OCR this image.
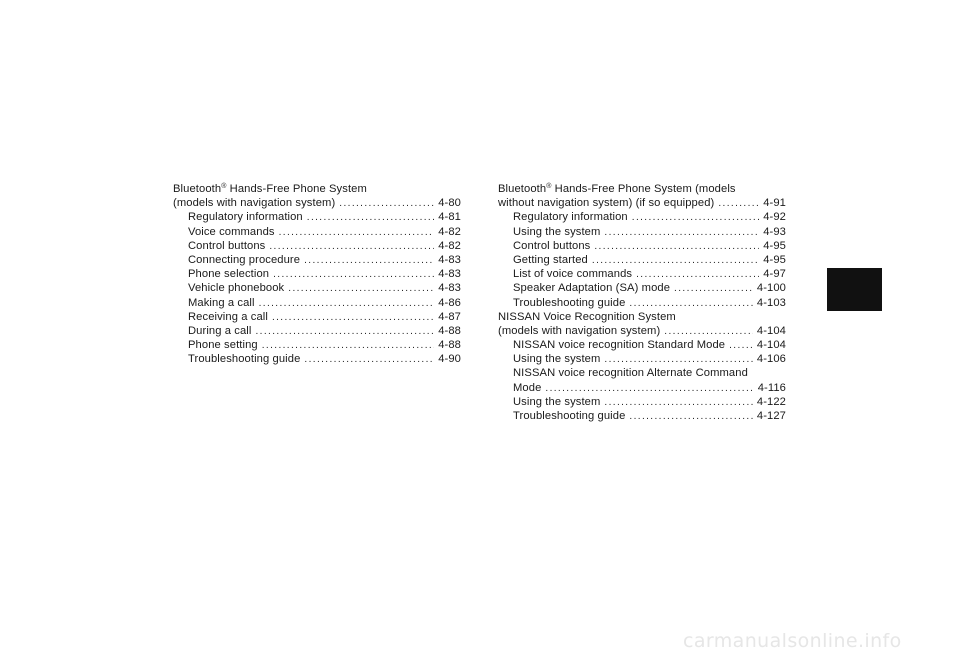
Bluetooth® Hands-Free Phone System
(models with navigation system) .....	4-80
Regulatory information .....	4-81
Voice commands .....	4-82
Control buttons .....	4-82
Connecting procedure .....	4-83
Phone selection .....	4-83
Vehicle phonebook .....	4-83
Making a call .....	4-86
Receiving a call .....	4-87
During a call .....	4-88
Phone setting .....	4-88
Troubleshooting guide .....	4-90
Bluetooth® Hands-Free Phone System (models
without navigation system) (if so equipped) .....	4-91
Regulatory information .....	4-92
Using the system .....	4-93
Control buttons .....	4-95
Getting started .....	4-95
List of voice commands .....	4-97
Speaker Adaptation (SA) mode .....	4-100
Troubleshooting guide .....	4-103
NISSAN Voice Recognition System
(models with navigation system) .....	4-104
NISSAN voice recognition Standard Mode .....	4-104
Using the system .....	4-106
NISSAN voice recognition Alternate Command
Mode .....	4-116
Using the system .....	4-122
Troubleshooting guide .....	4-127
carmanualsonline.info
